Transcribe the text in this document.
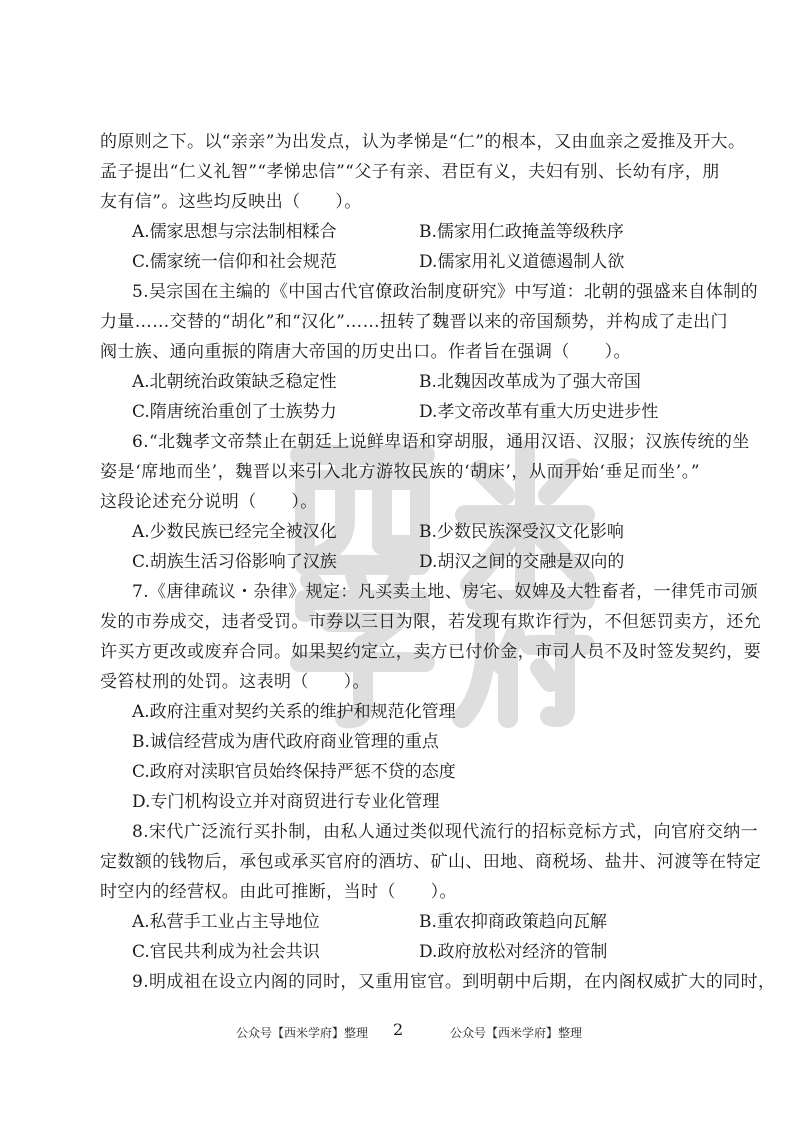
的原则之下。以“亲亲”为出发点，认为孝悌是“仁”的根本，又由血亲之爱推及开大。
孟子提出“仁义礼智”“孝悌忠信”“父子有亲、君臣有义，夫妇有别、长幼有序，朋
友有信”。这些均反映出（　　）。
A.儒家思想与宗法制相糅合	B.儒家用仁政掩盖等级秩序
C.儒家统一信仰和社会规范	D.儒家用礼义道德遏制人欲
5.吴宗国在主编的《中国古代官僚政治制度研究》中写道：北朝的强盛来自体制的
力量……交替的“胡化”和“汉化”……扭转了魏晋以来的帝国颓势，并构成了走出门
阀士族、通向重振的隋唐大帝国的历史出口。作者旨在强调（　　）。
A.北朝统治政策缺乏稳定性	B.北魏因改革成为了强大帝国
C.隋唐统治重创了士族势力	D.孝文帝改革有重大历史进步性
6.“北魏孝文帝禁止在朝廷上说鲜卑语和穿胡服，通用汉语、汉服；汉族传统的坐
姿是‘席地而坐’，魏晋以来引入北方游牧民族的‘胡床’，从而开始‘垂足而坐’。”
这段论述充分说明（　　）。
A.少数民族已经完全被汉化	B.少数民族深受汉文化影响
C.胡族生活习俗影响了汉族	D.胡汉之间的交融是双向的
7.《唐律疏议・杂律》规定：凡买卖土地、房宅、奴婢及大牲畜者，一律凭市司颁
发的市券成交，违者受罚。市券以三日为限，若发现有欺诈行为，不但惩罚卖方，还允
许买方更改或废弃合同。如果契约定立，卖方已付价金，市司人员不及时签发契约，要
受笞杖刑的处罚。这表明（　　）。
A.政府注重对契约关系的维护和规范化管理
B.诚信经营成为唐代政府商业管理的重点
C.政府对渎职官员始终保持严惩不贷的态度
D.专门机构设立并对商贸进行专业化管理
8.宋代广泛流行买扑制，由私人通过类似现代流行的招标竞标方式，向官府交纳一
定数额的钱物后，承包或承买官府的酒坊、矿山、田地、商税场、盐井、河渡等在特定
时空内的经营权。由此可推断，当时（　　）。
A.私营手工业占主导地位	B.重农抑商政策趋向瓦解
C.官民共利成为社会共识	D.政府放松对经济的管制
9.明成祖在设立内阁的同时，又重用宦官。到明朝中后期，在内阁权威扩大的同时，
公众号【西米学府】整理 2	公众号【西米学府】整理
